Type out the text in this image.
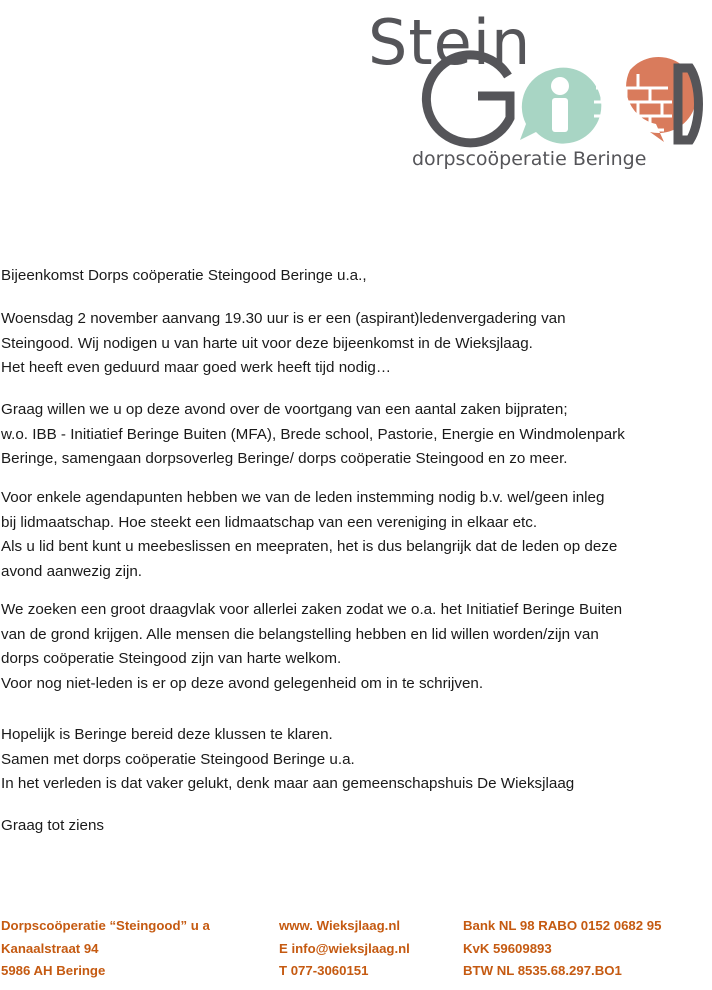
Stein
dorpscoöperatie Beringe
Bijeenkomst Dorps coöperatie Steingood Beringe u.a.,
Woensdag 2 november aanvang 19.30 uur is er een (aspirant)ledenvergadering van
Steingood. Wij nodigen u van harte uit voor deze bijeenkomst in de Wieksjlaag.
Het heeft even geduurd maar goed werk heeft tijd nodig…
Graag willen we u op deze avond over de voortgang van een aantal zaken bijpraten;
w.o. IBB - Initiatief Beringe Buiten (MFA), Brede school, Pastorie, Energie en Windmolenpark
Beringe, samengaan dorpsoverleg Beringe/ dorps coöperatie Steingood en zo meer.
Voor enkele agendapunten hebben we van de leden instemming nodig b.v. wel/geen inleg
bij lidmaatschap. Hoe steekt een lidmaatschap van een vereniging in elkaar etc.
Als u lid bent kunt u meebeslissen en meepraten, het is dus belangrijk dat de leden op deze
avond aanwezig zijn.
We zoeken een groot draagvlak voor allerlei zaken zodat we o.a. het Initiatief Beringe Buiten
van de grond krijgen. Alle mensen die belangstelling hebben en lid willen worden/zijn van
dorps coöperatie Steingood zijn van harte welkom.
Voor nog niet-leden is er op deze avond gelegenheid om in te schrijven.
Hopelijk is Beringe bereid deze klussen te klaren.
Samen met dorps coöperatie Steingood Beringe u.a.
In het verleden is dat vaker gelukt, denk maar aan gemeenschapshuis De Wieksjlaag
Graag tot ziens
Dorpscoöperatie “Steingood” u a
Kanaalstraat 94
5986 AH Beringe
www. Wieksjlaag.nl
E info@wieksjlaag.nl
T 077-3060151
Bank NL 98 RABO 0152 0682 95
KvK 59609893
BTW NL 8535.68.297.BO1
